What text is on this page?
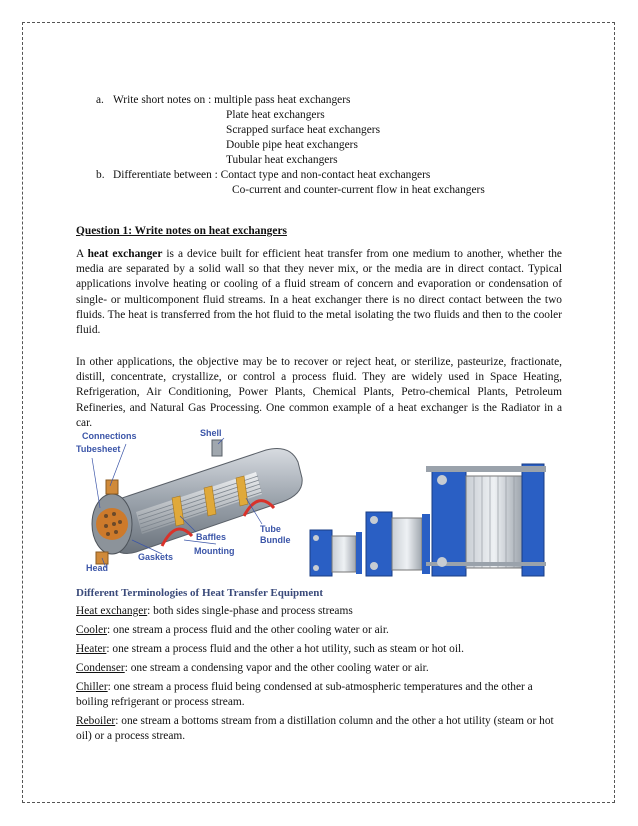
a. Write short notes on : multiple pass heat exchangers
Plate heat exchangers
Scrapped surface heat exchangers
Double pipe heat exchangers
Tubular heat exchangers
b. Differentiate between : Contact type and non-contact heat exchangers
Co-current and counter-current flow in heat exchangers
Question 1: Write notes on heat exchangers
A heat exchanger is a device built for efficient heat transfer from one medium to another, whether the media are separated by a solid wall so that they never mix, or the media are in direct contact. Typical applications involve heating or cooling of a fluid stream of concern and evaporation or condensation of single- or multicomponent fluid streams. In a heat exchanger there is no direct contact between the two fluids. The heat is transferred from the hot fluid to the metal isolating the two fluids and then to the cooler fluid.
In other applications, the objective may be to recover or reject heat, or sterilize, pasteurize, fractionate, distill, concentrate, crystallize, or control a process fluid. They are widely used in Space Heating, Refrigeration, Air Conditioning, Power Plants, Chemical Plants, Petro-chemical Plants, Petroleum Refineries, and Natural Gas Processing. One common example of a heat exchanger is the Radiator in a car.
Connections
Tubesheet
Shell
Baffles
Tube
Bundle
Mounting
Gaskets
Head
Different Terminologies of Heat Transfer Equipment
Heat exchanger: both sides single-phase and process streams
Cooler: one stream a process fluid and the other cooling water or air.
Heater: one stream a process fluid and the other a hot utility, such as steam or hot oil.
Condenser: one stream a condensing vapor and the other cooling water or air.
Chiller: one stream a process fluid being condensed at sub-atmospheric temperatures and the other a boiling refrigerant or process stream.
Reboiler: one stream a bottoms stream from a distillation column and the other a hot utility (steam or hot oil) or a process stream.
